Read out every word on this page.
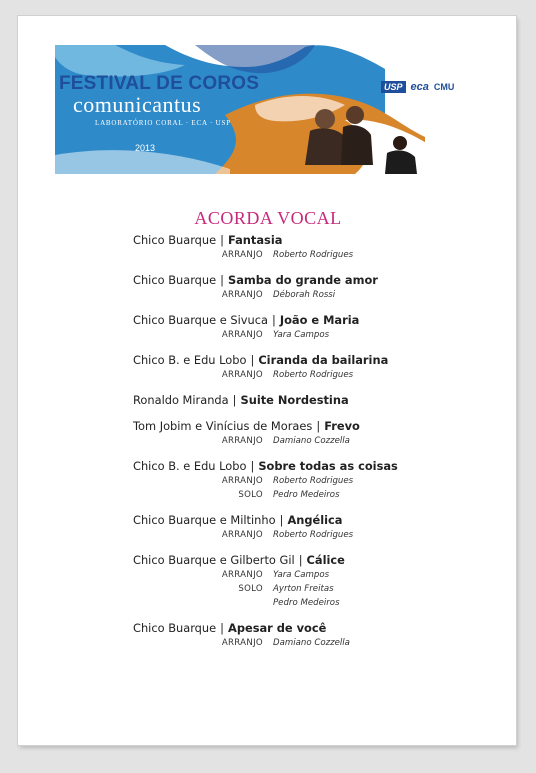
FESTIVAL DE COROS
comunicantus
LABORATÓRIO CORAL · ECA · USP
2013
USP eca CMU
ACORDA VOCAL
Chico Buarque | Fantasia
ARRANJO	Roberto Rodrigues
Chico Buarque | Samba do grande amor
ARRANJO	Déborah Rossi
Chico Buarque e Sivuca | João e Maria
ARRANJO	Yara Campos
Chico B. e Edu Lobo | Ciranda da bailarina
ARRANJO	Roberto Rodrigues
Ronaldo Miranda | Suite Nordestina
Tom Jobim e Vinícius de Moraes | Frevo
ARRANJO	Damiano Cozzella
Chico B. e Edu Lobo | Sobre todas as coisas
ARRANJO	Roberto Rodrigues
SOLO	Pedro Medeiros
Chico Buarque e Miltinho | Angélica
ARRANJO	Roberto Rodrigues
Chico Buarque e Gilberto Gil | Cálice
ARRANJO	Yara Campos
SOLO	Ayrton Freitas
Pedro Medeiros
Chico Buarque | Apesar de você
ARRANJO	Damiano Cozzella
